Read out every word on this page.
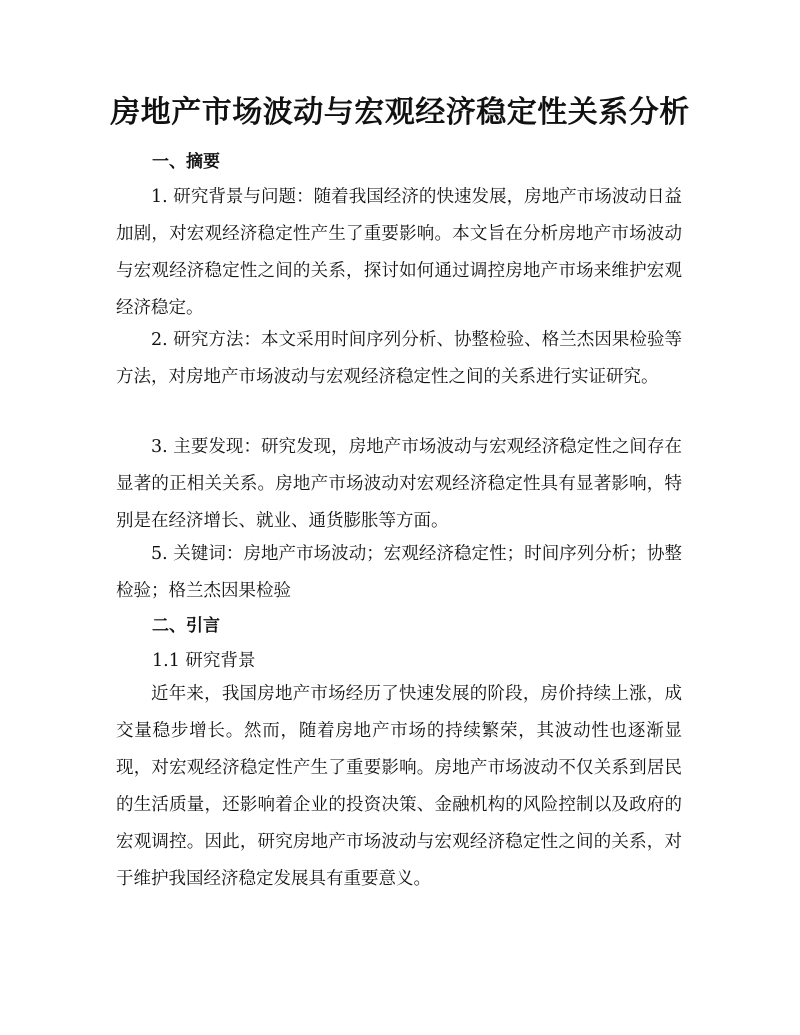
房地产市场波动与宏观经济稳定性关系分析
一、摘要

1. 研究背景与问题：随着我国经济的快速发展，房地产市场波动日益加剧，对宏观经济稳定性产生了重要影响。本文旨在分析房地产市场波动与宏观经济稳定性之间的关系，探讨如何通过调控房地产市场来维护宏观经济稳定。

2. 研究方法：本文采用时间序列分析、协整检验、格兰杰因果检验等方法，对房地产市场波动与宏观经济稳定性之间的关系进行实证研究。

3. 主要发现：研究发现，房地产市场波动与宏观经济稳定性之间存在显著的正相关关系。房地产市场波动对宏观经济稳定性具有显著影响，特别是在经济增长、就业、通货膨胀等方面。

5. 关键词：房地产市场波动；宏观经济稳定性；时间序列分析；协整检验；格兰杰因果检验

二、引言
1.1 研究背景

近年来，我国房地产市场经历了快速发展的阶段，房价持续上涨，成交量稳步增长。然而，随着房地产市场的持续繁荣，其波动性也逐渐显现，对宏观经济稳定性产生了重要影响。房地产市场波动不仅关系到居民的生活质量，还影响着企业的投资决策、金融机构的风险控制以及政府的宏观调控。因此，研究房地产市场波动与宏观经济稳定性之间的关系，对于维护我国经济稳定发展具有重要意义。
